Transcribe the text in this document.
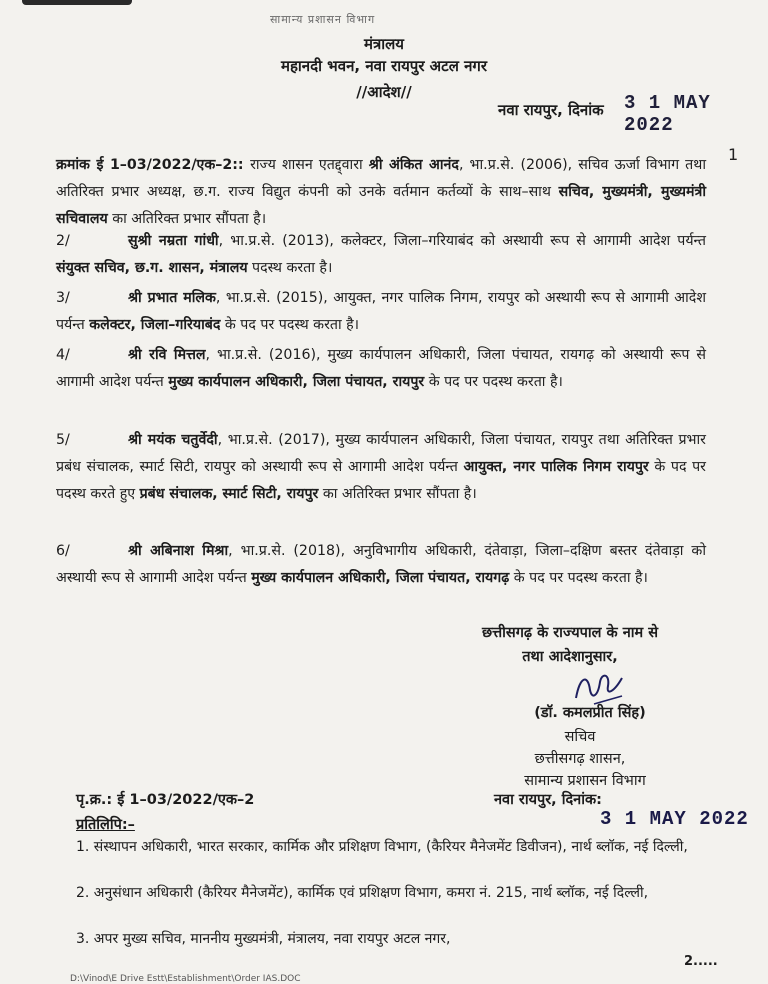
सामान्य प्रशासन विभाग
मंत्रालय
महानदी भवन, नवा रायपुर अटल नगर
//आदेश//
नवा रायपुर, दिनांक 3 1 MAY 2022
1
क्रमांक ई 1–03/2022/एक–2:: राज्य शासन एतद्द्वारा श्री अंकित आनंद, भा.प्र.से. (2006), सचिव ऊर्जा विभाग तथा अतिरिक्त प्रभार अध्यक्ष, छ.ग. राज्य विद्युत कंपनी को उनके वर्तमान कर्तव्यों के साथ–साथ सचिव, मुख्यमंत्री, मुख्यमंत्री सचिवालय का अतिरिक्त प्रभार सौंपता है।
2/	सुश्री नम्रता गांधी, भा.प्र.से. (2013), कलेक्टर, जिला–गरियाबंद को अस्थायी रूप से आगामी आदेश पर्यन्त संयुक्त सचिव, छ.ग. शासन, मंत्रालय पदस्थ करता है।
3/	श्री प्रभात मलिक, भा.प्र.से. (2015), आयुक्त, नगर पालिक निगम, रायपुर को अस्थायी रूप से आगामी आदेश पर्यन्त कलेक्टर, जिला–गरियाबंद के पद पर पदस्थ करता है।
4/	श्री रवि मित्तल, भा.प्र.से. (2016), मुख्य कार्यपालन अधिकारी, जिला पंचायत, रायगढ़ को अस्थायी रूप से आगामी आदेश पर्यन्त मुख्य कार्यपालन अधिकारी, जिला पंचायत, रायपुर के पद पर पदस्थ करता है।
5/	श्री मयंक चतुर्वेदी, भा.प्र.से. (2017), मुख्य कार्यपालन अधिकारी, जिला पंचायत, रायपुर तथा अतिरिक्त प्रभार प्रबंध संचालक, स्मार्ट सिटी, रायपुर को अस्थायी रूप से आगामी आदेश पर्यन्त आयुक्त, नगर पालिक निगम रायपुर के पद पर पदस्थ करते हुए प्रबंध संचालक, स्मार्ट सिटी, रायपुर का अतिरिक्त प्रभार सौंपता है।
6/	श्री अबिनाश मिश्रा, भा.प्र.से. (2018), अनुविभागीय अधिकारी, दंतेवाड़ा, जिला–दक्षिण बस्तर दंतेवाड़ा को अस्थायी रूप से आगामी आदेश पर्यन्त मुख्य कार्यपालन अधिकारी, जिला पंचायत, रायगढ़ के पद पर पदस्थ करता है।
छत्तीसगढ़ के राज्यपाल के नाम से
तथा आदेशानुसार,
(डॉ. कमलप्रीत सिंह)
सचिव
छत्तीसगढ़ शासन,
सामान्य प्रशासन विभाग
पृ.क्र.: ई 1–03/2022/एक–2	नवा रायपुर, दिनांक:
3 1 MAY 2022
प्रतिलिपि:–
1. संस्थापन अधिकारी, भारत सरकार, कार्मिक और प्रशिक्षण विभाग, (कैरियर मैनेजमेंट डिवीजन), नार्थ ब्लॉक, नई दिल्ली,
2. अनुसंधान अधिकारी (कैरियर मैनेजमेंट), कार्मिक एवं प्रशिक्षण विभाग, कमरा नं. 215, नार्थ ब्लॉक, नई दिल्ली,
3. अपर मुख्य सचिव, माननीय मुख्यमंत्री, मंत्रालय, नवा रायपुर अटल नगर,
2.....
D:\Vinod\E Drive Estt\Establishment\Order IAS.DOC
